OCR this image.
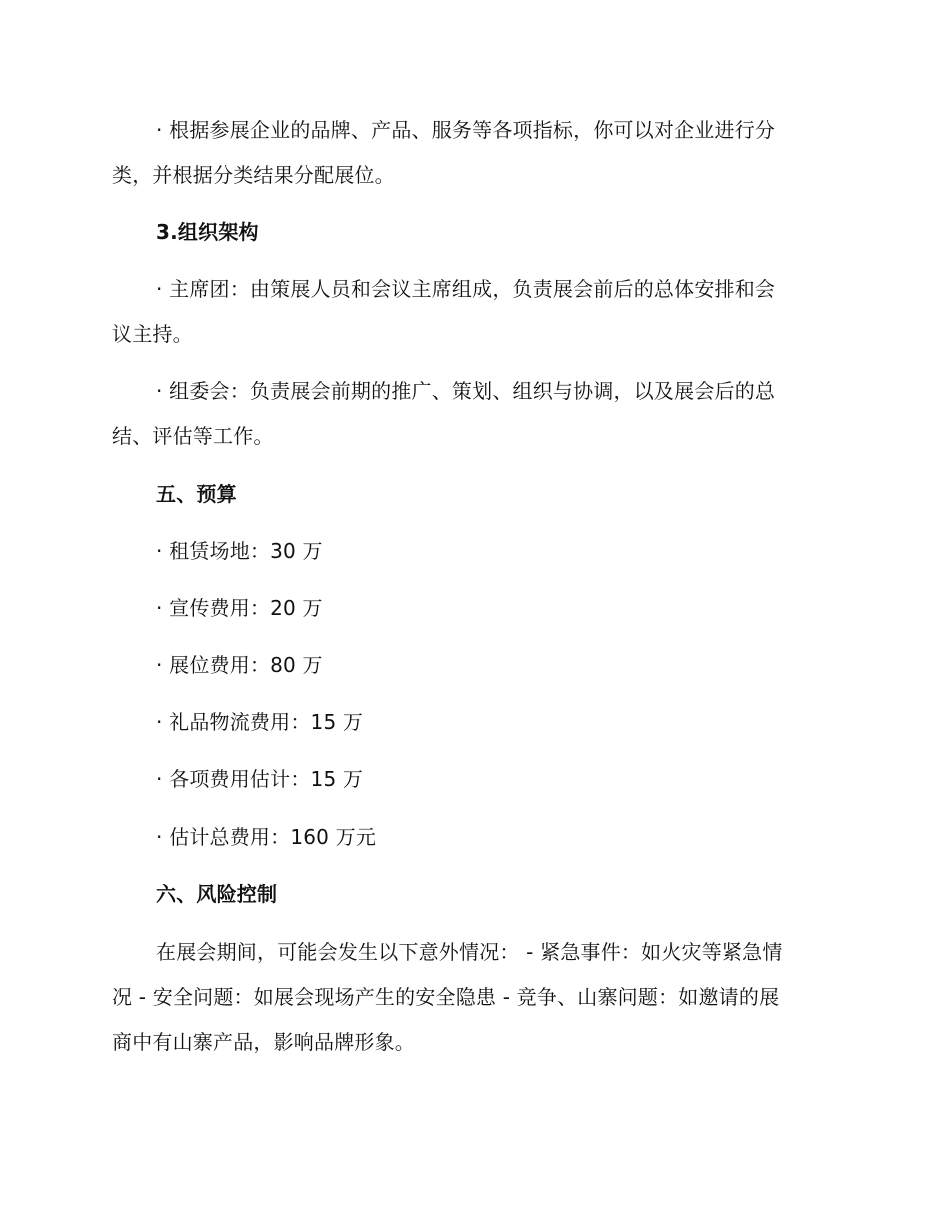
· 根据参展企业的品牌、产品、服务等各项指标，你可以对企业进行分
类，并根据分类结果分配展位。
3.组织架构
· 主席团：由策展人员和会议主席组成，负责展会前后的总体安排和会
议主持。
· 组委会：负责展会前期的推广、策划、组织与协调，以及展会后的总
结、评估等工作。
五、预算
· 租赁场地：30 万
· 宣传费用：20 万
· 展位费用：80 万
· 礼品物流费用：15 万
· 各项费用估计：15 万
· 估计总费用：160 万元
六、风险控制
在展会期间，可能会发生以下意外情况： - 紧急事件：如火灾等紧急情
况 - 安全问题：如展会现场产生的安全隐患 - 竞争、山寨问题：如邀请的展
商中有山寨产品，影响品牌形象。
